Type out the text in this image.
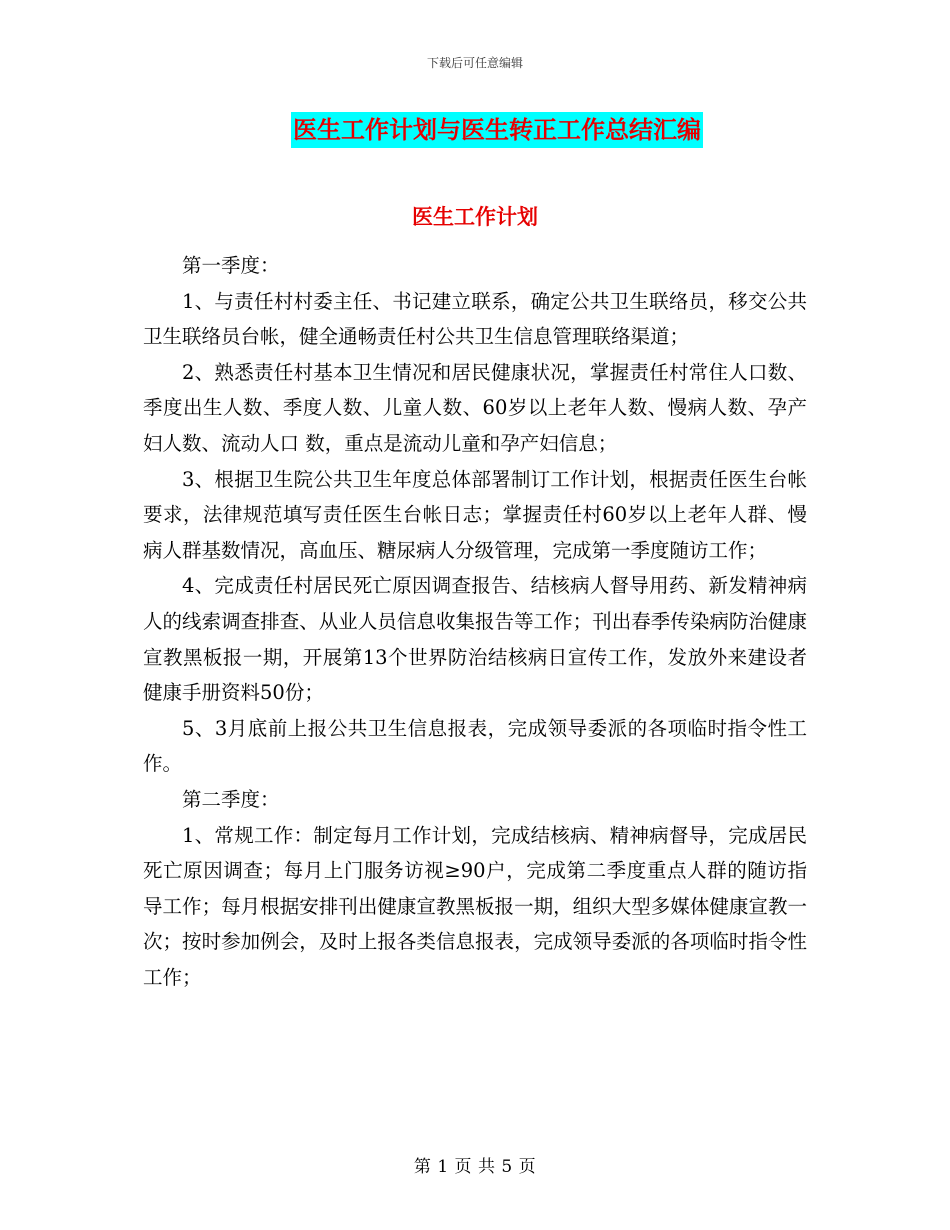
下载后可任意编辑
医生工作计划与医生转正工作总结汇编
医生工作计划

第一季度：

1、与责任村村委主任、书记建立联系，确定公共卫生联络员，移交公共卫生联络员台帐，健全通畅责任村公共卫生信息管理联络渠道；

2、熟悉责任村基本卫生情况和居民健康状况，掌握责任村常住人口数、季度出生人数、季度人数、儿童人数、60岁以上老年人数、慢病人数、孕产妇人数、流动人口 数，重点是流动儿童和孕产妇信息；

3、根据卫生院公共卫生年度总体部署制订工作计划，根据责任医生台帐要求，法律规范填写责任医生台帐日志；掌握责任村60岁以上老年人群、慢病人群基数情况，高血压、糖尿病人分级管理，完成第一季度随访工作；

4、完成责任村居民死亡原因调查报告、结核病人督导用药、新发精神病人的线索调查排查、从业人员信息收集报告等工作；刊出春季传染病防治健康宣教黑板报一期，开展第13个世界防治结核病日宣传工作，发放外来建设者健康手册资料50份；

5、3月底前上报公共卫生信息报表，完成领导委派的各项临时指令性工作。

第二季度：

1、常规工作：制定每月工作计划，完成结核病、精神病督导，完成居民死亡原因调查；每月上门服务访视≥90户，完成第二季度重点人群的随访指导工作；每月根据安排刊出健康宣教黑板报一期，组织大型多媒体健康宣教一次；按时参加例会，及时上报各类信息报表，完成领导委派的各项临时指令性工作；

第 1 页 共 5 页
